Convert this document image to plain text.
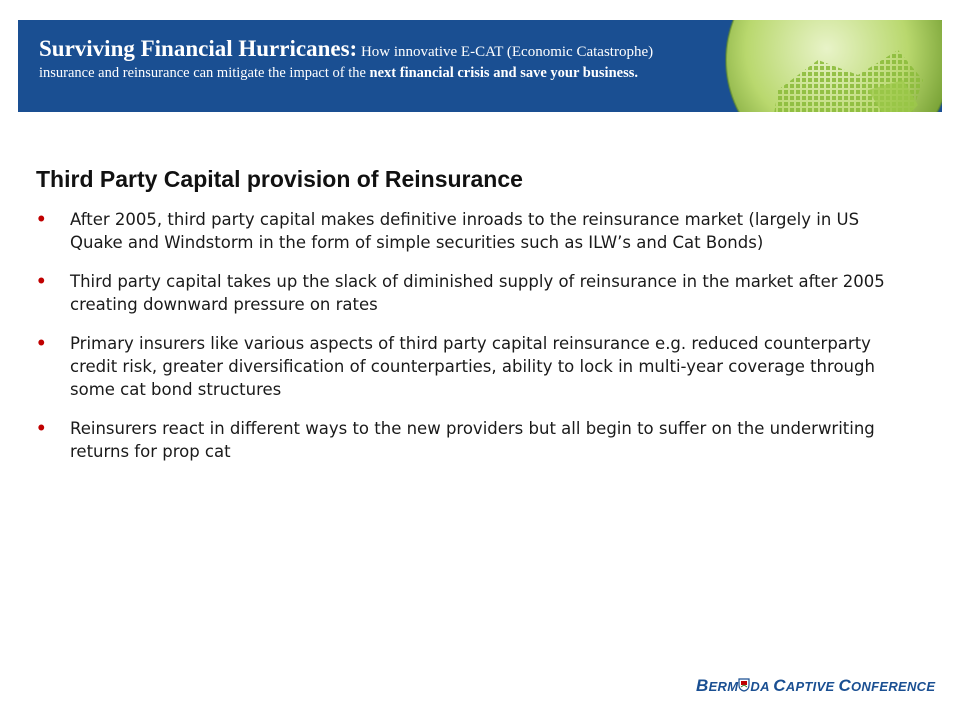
Surviving Financial Hurricanes: How innovative E-CAT (Economic Catastrophe)
insurance and reinsurance can mitigate the impact of the next financial crisis and save your business.
Third Party Capital provision of Reinsurance
• After 2005, third party capital makes definitive inroads to the reinsurance market (largely in US Quake and Windstorm in the form of simple securities such as ILW’s and Cat Bonds)
• Third party capital takes up the slack of diminished supply of reinsurance in the market after 2005 creating downward pressure on rates
• Primary insurers like various aspects of third party capital reinsurance e.g. reduced counterparty credit risk, greater diversification of counterparties, ability to lock in multi-year coverage through some cat bond structures
• Reinsurers react in different ways to the new providers but all begin to suffer on the underwriting returns for prop cat
BERM DA CAPTIVE CONFERENCE
